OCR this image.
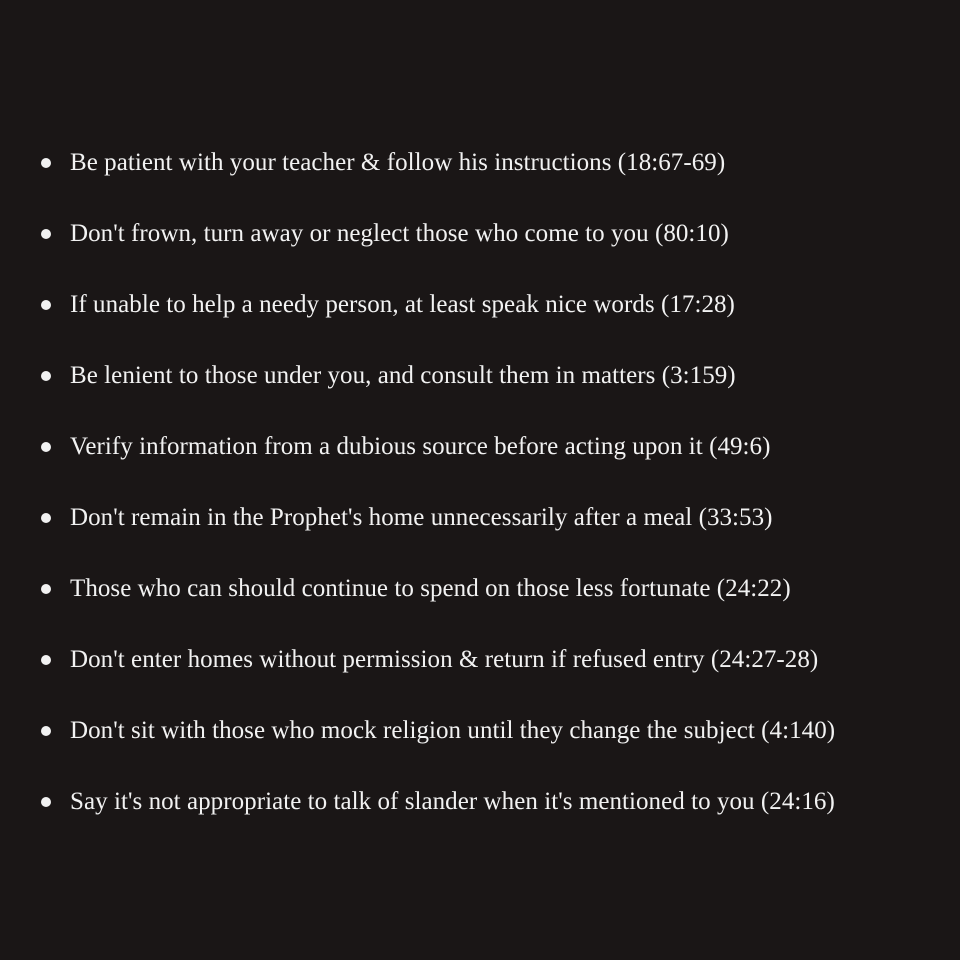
Be patient with your teacher & follow his instructions (18:67-69)
Don't frown, turn away or neglect those who come to you (80:10)
If unable to help a needy person, at least speak nice words (17:28)
Be lenient to those under you, and consult them in matters (3:159)
Verify information from a dubious source before acting upon it (49:6)
Don't remain in the Prophet's home unnecessarily after a meal (33:53)
Those who can should continue to spend on those less fortunate (24:22)
Don't enter homes without permission & return if refused entry (24:27-28)
Don't sit with those who mock religion until they change the subject (4:140)
Say it's not appropriate to talk of slander when it's mentioned to you (24:16)
